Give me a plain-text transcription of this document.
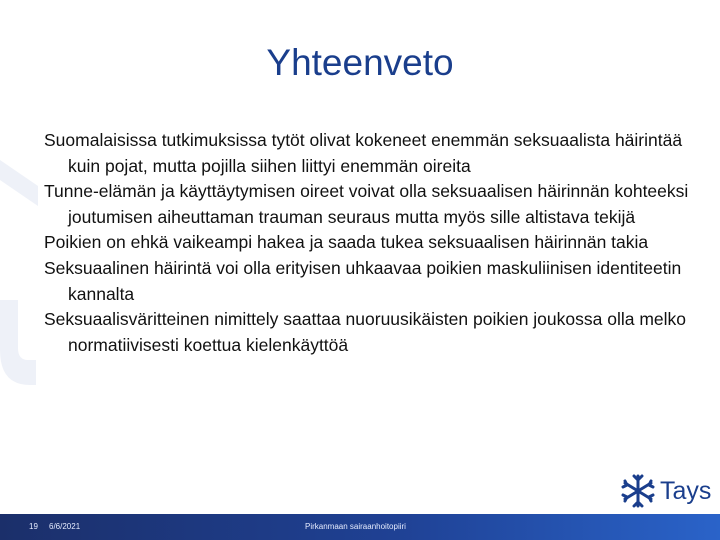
Yhteenveto
Suomalaisissa tutkimuksissa tytöt olivat kokeneet enemmän seksuaalista häirintää kuin pojat, mutta pojilla siihen liittyi enemmän oireita
Tunne-elämän ja käyttäytymisen oireet voivat olla seksuaalisen häirinnän kohteeksi joutumisen aiheuttaman trauman seuraus mutta myös sille altistava tekijä
Poikien on ehkä vaikeampi hakea ja saada tukea seksuaalisen häirinnän takia
Seksuaalinen häirintä voi olla erityisen uhkaavaa poikien maskuliinisen identiteetin kannalta
Seksuaalisväritteinen nimittely saattaa nuoruusikäisten poikien joukossa olla melko normatiivisesti koettua kielenkäyttöä
Tays
19 6/6/2021	Pirkanmaan sairaanhoitopiiri
